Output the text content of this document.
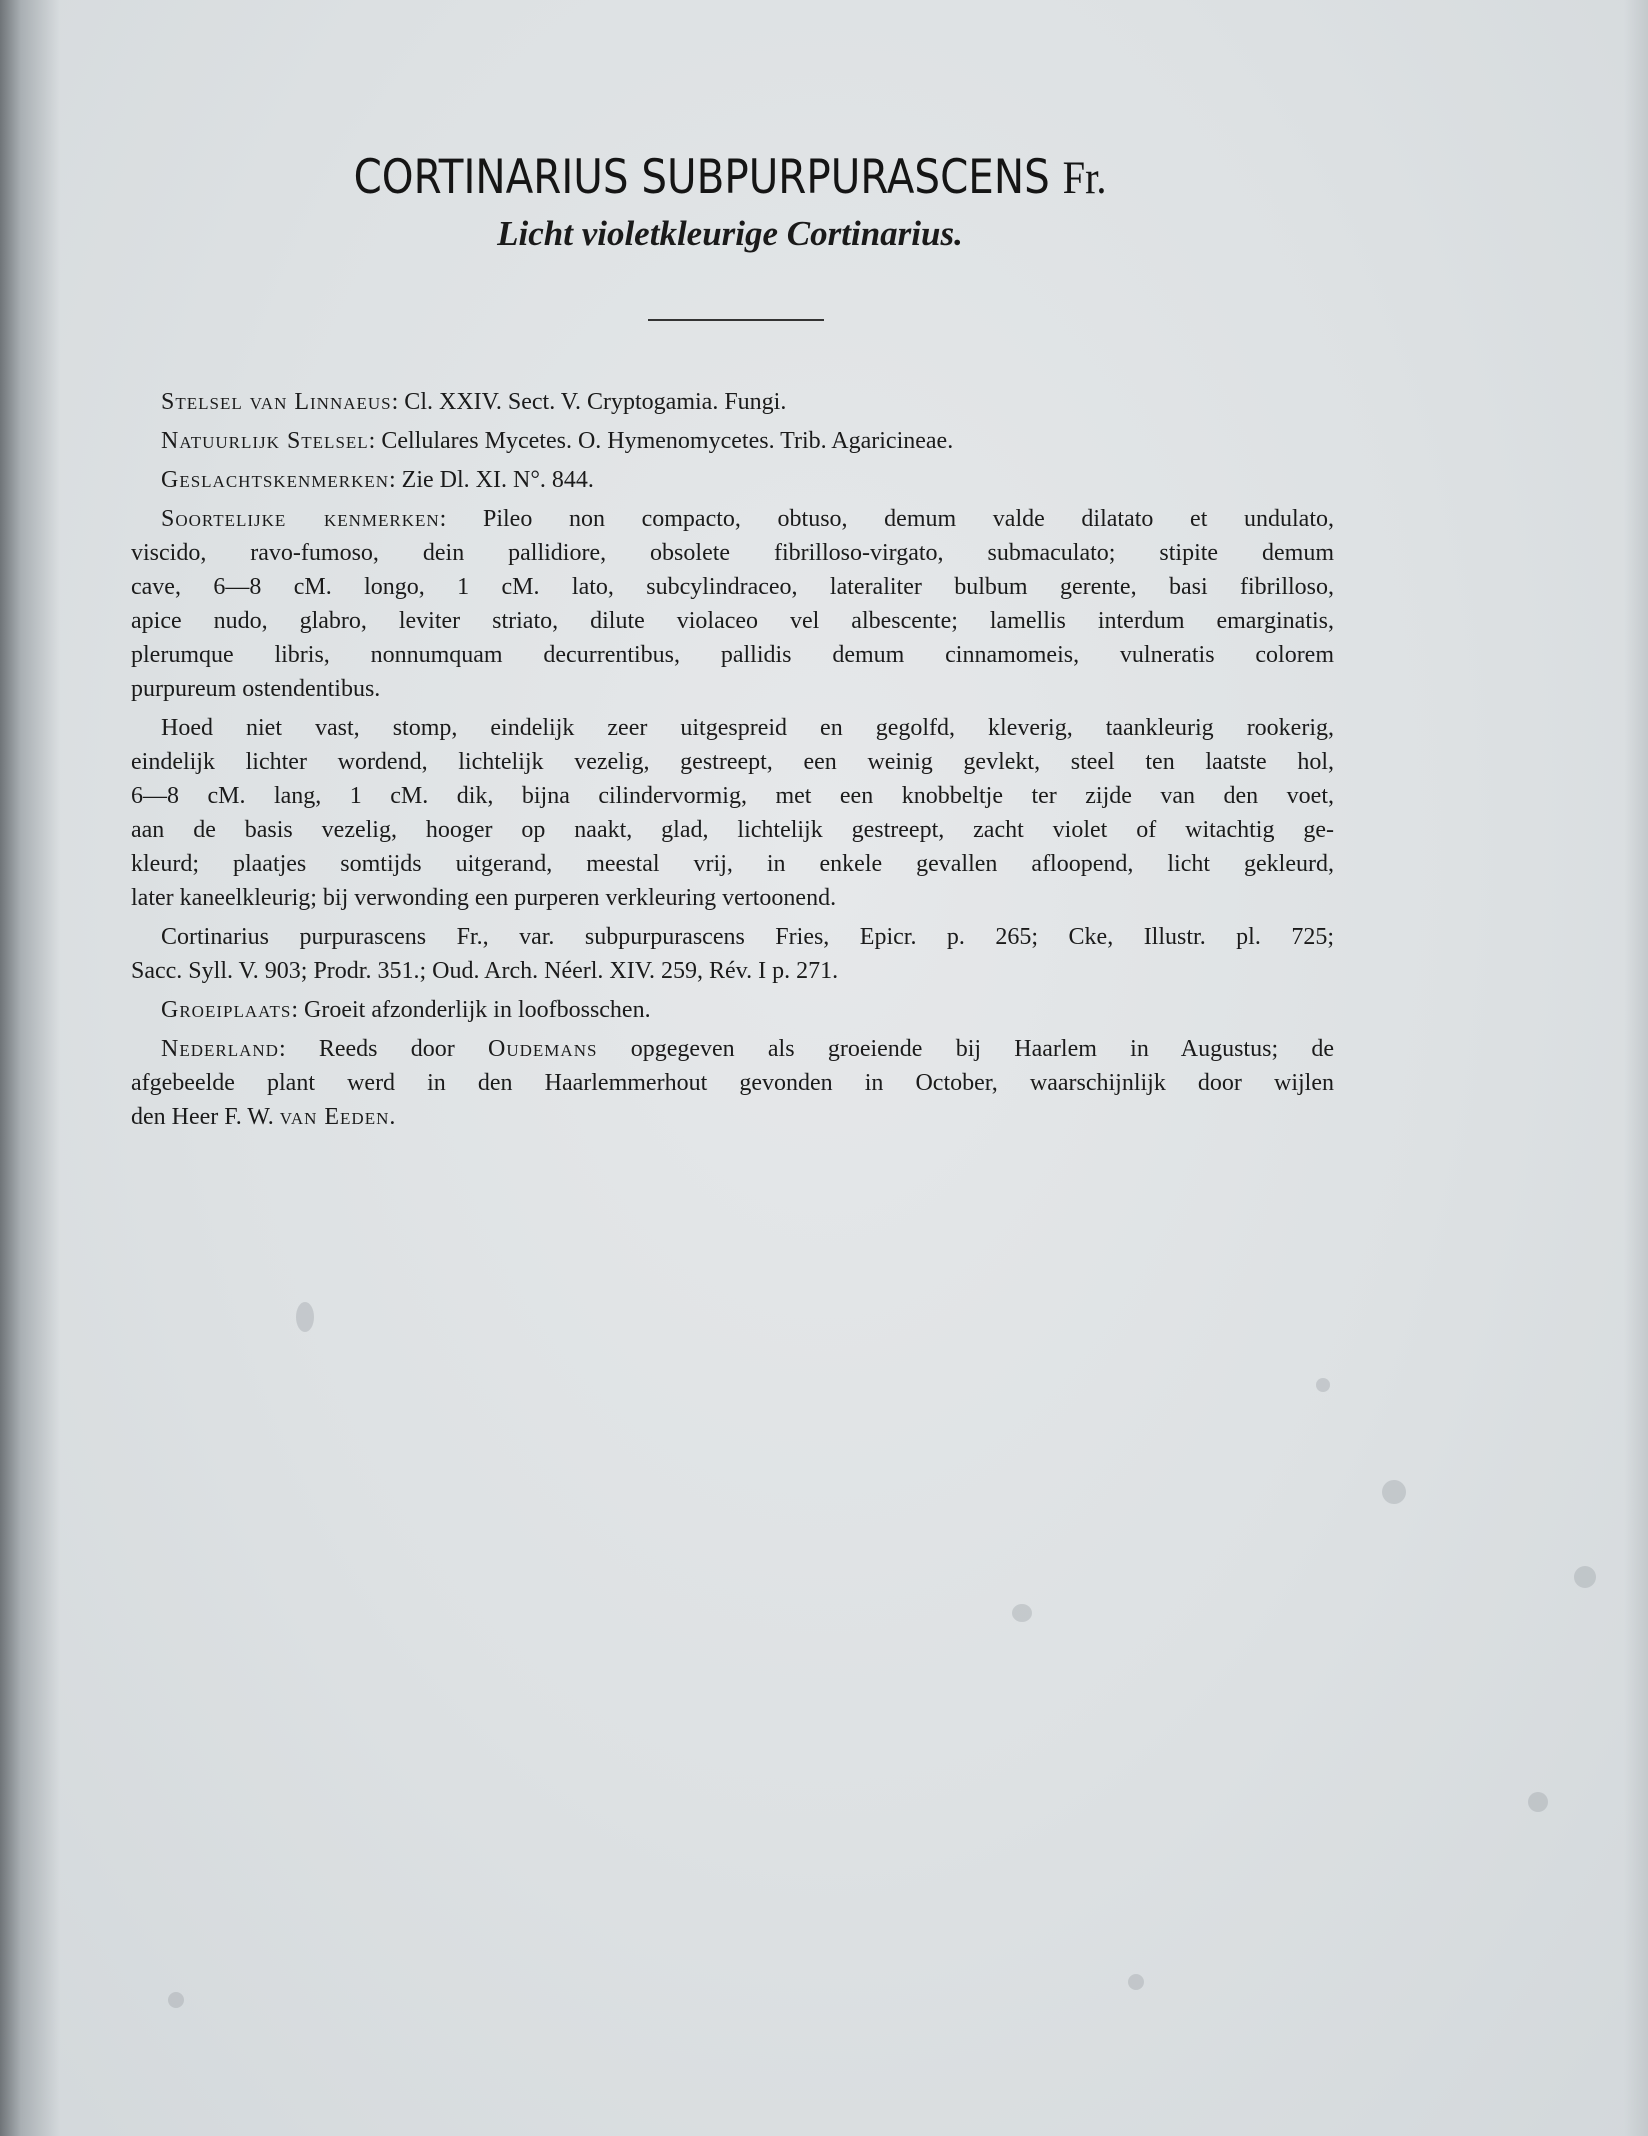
CORTINARIUS SUBPURPURASCENS Fr.
Licht violetkleurige Cortinarius.

Stelsel van Linnaeus: Cl. XXIV. Sect. V. Cryptogamia. Fungi.

Natuurlijk Stelsel: Cellulares Mycetes. O. Hymenomycetes. Trib. Agaricineae.

Geslachtskenmerken: Zie Dl. XI. N°. 844.

Soortelijke kenmerken: Pileo non compacto, obtuso, demum valde dilatato et undulato,
viscido, ravo-fumoso, dein pallidiore, obsolete fibrilloso-virgato, submaculato; stipite demum
cave, 6—8 cM. longo, 1 cM. lato, subcylindraceo, lateraliter bulbum gerente, basi fibrilloso,
apice nudo, glabro, leviter striato, dilute violaceo vel albescente; lamellis interdum emarginatis,
plerumque libris, nonnumquam decurrentibus, pallidis demum cinnamomeis, vulneratis colorem
purpureum ostendentibus.
Hoed niet vast, stomp, eindelijk zeer uitgespreid en gegolfd, kleverig, taankleurig rookerig,
eindelijk lichter wordend, lichtelijk vezelig, gestreept, een weinig gevlekt, steel ten laatste hol,
6—8 cM. lang, 1 cM. dik, bijna cilindervormig, met een knobbeltje ter zijde van den voet,
aan de basis vezelig, hooger op naakt, glad, lichtelijk gestreept, zacht violet of witachtig ge-
kleurd; plaatjes somtijds uitgerand, meestal vrij, in enkele gevallen afloopend, licht gekleurd,
later kaneelkleurig; bij verwonding een purperen verkleuring vertoonend.
Cortinarius purpurascens Fr., var. subpurpurascens Fries, Epicr. p. 265; Cke, Illustr. pl. 725;
Sacc. Syll. V. 903; Prodr. 351.; Oud. Arch. Néerl. XIV. 259, Rév. I p. 271.

Groeiplaats: Groeit afzonderlijk in loofbosschen.

Nederland: Reeds door Oudemans opgegeven als groeiende bij Haarlem in Augustus; de
afgebeelde plant werd in den Haarlemmerhout gevonden in October, waarschijnlijk door wijlen
den Heer F. W. van Eeden.
